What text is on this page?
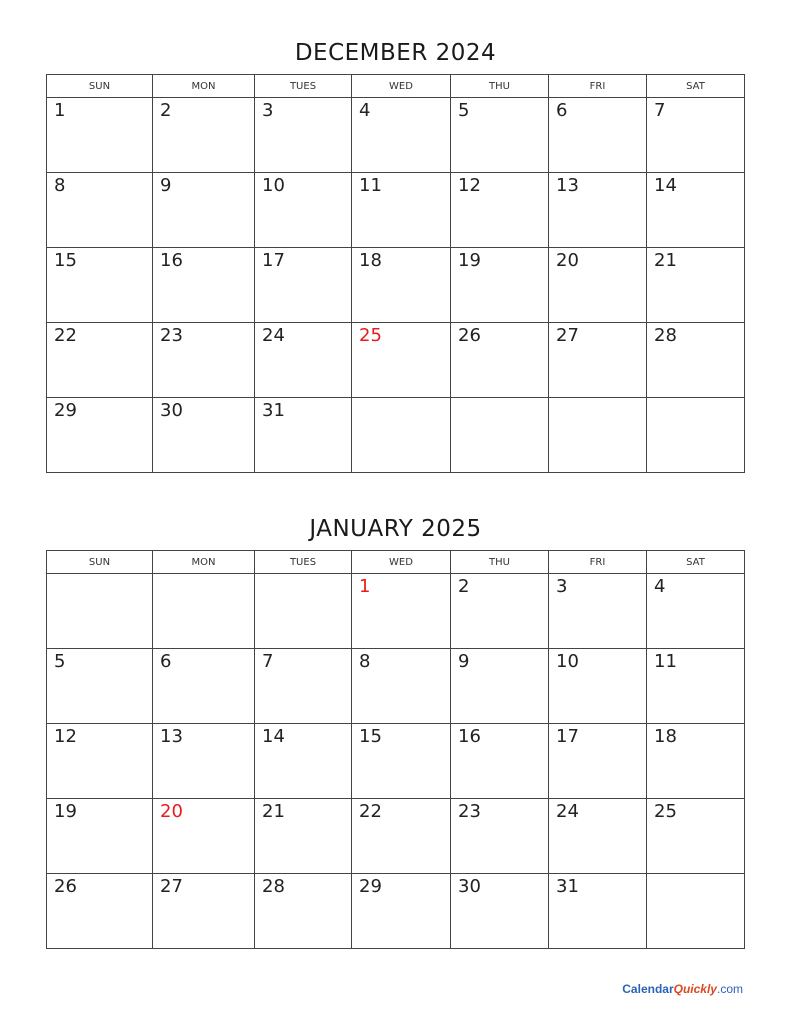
DECEMBER 2024
SUN	MON	TUES	WED	THU	FRI	SAT

1	2	3	4	5	6	7

8	9	10	11	12	13	14

15	16	17	18	19	20	21

22	23	24	25	26	27	28

29	30	31				

JANUARY 2025
SUN	MON	TUES	WED	THU	FRI	SAT

			1	2	3	4

5	6	7	8	9	10	11

12	13	14	15	16	17	18

19	20	21	22	23	24	25

26	27	28	29	30	31	

CalendarQuickly.com
